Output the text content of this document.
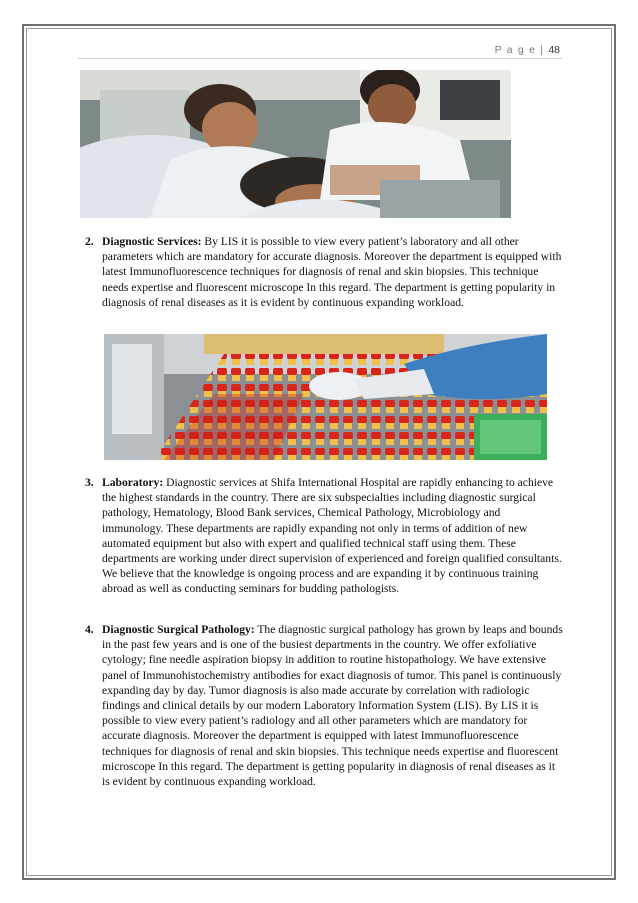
P a g e | 48
2. Diagnostic Services: By LIS it is possible to view every patient’s laboratory and all other parameters which are mandatory for accurate diagnosis. Moreover the department is equipped with latest Immunofluorescence techniques for diagnosis of renal and skin biopsies. This technique needs expertise and fluorescent microscope In this regard. The department is getting popularity in diagnosis of renal diseases as it is evident by continuous expanding workload.
3. Laboratory: Diagnostic services at Shifa International Hospital are rapidly enhancing to achieve the highest standards in the country. There are six subspecialties including diagnostic surgical pathology, Hematology, Blood Bank services, Chemical Pathology, Microbiology and immunology. These departments are rapidly expanding not only in terms of addition of new automated equipment but also with expert and qualified technical staff using them. These departments are working under direct supervision of experienced and foreign qualified consultants. We believe that the knowledge is ongoing process and are expanding it by continuous training abroad as well as conducting seminars for budding pathologists.
4. Diagnostic Surgical Pathology: The diagnostic surgical pathology has grown by leaps and bounds in the past few years and is one of the busiest departments in the country. We offer exfoliative cytology; fine needle aspiration biopsy in addition to routine histopathology. We have extensive panel of Immunohistochemistry antibodies for exact diagnosis of tumor. This panel is continuously expanding day by day. Tumor diagnosis is also made accurate by correlation with radiologic findings and clinical details by our modern Laboratory Information System (LIS). By LIS it is possible to view every patient’s radiology and all other parameters which are mandatory for accurate diagnosis. Moreover the department is equipped with latest Immunofluorescence techniques for diagnosis of renal and skin biopsies. This technique needs expertise and fluorescent microscope In this regard. The department is getting popularity in diagnosis of renal diseases as it is evident by continuous expanding workload.
